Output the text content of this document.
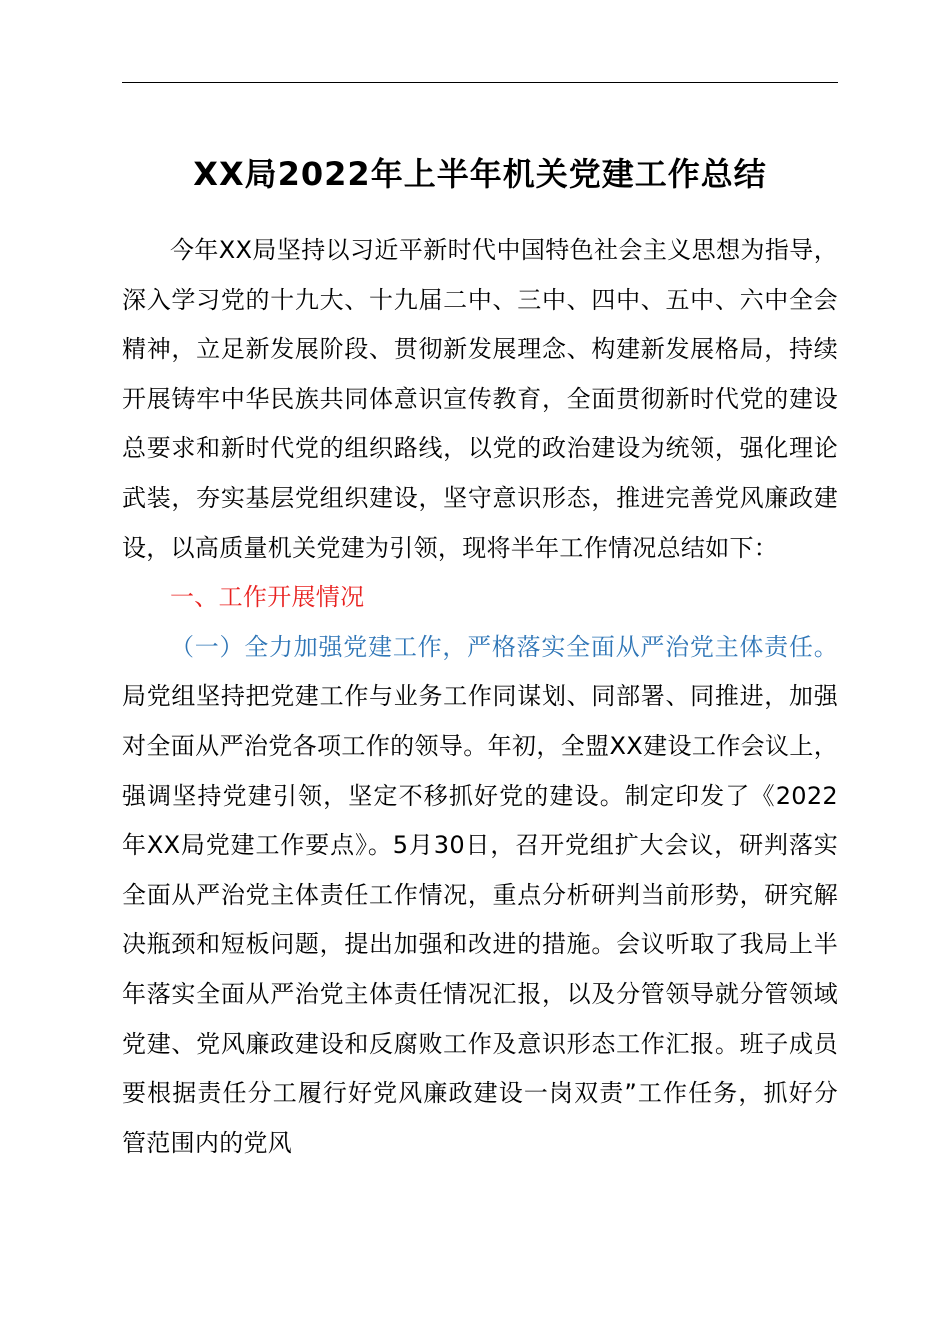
XX局2022年上半年机关党建工作总结

今年XX局坚持以习近平新时代中国特色社会主义思想为指导，深入学习党的十九大、十九届二中、三中、四中、五中、六中全会精神，立足新发展阶段、贯彻新发展理念、构建新发展格局，持续开展铸牢中华民族共同体意识宣传教育，全面贯彻新时代党的建设总要求和新时代党的组织路线，以党的政治建设为统领，强化理论武装，夯实基层党组织建设，坚守意识形态，推进完善党风廉政建设，以高质量机关党建为引领，现将半年工作情况总结如下：

一、工作开展情况

（一）全力加强党建工作，严格落实全面从严治党主体责任。局党组坚持把党建工作与业务工作同谋划、同部署、同推进，加强对全面从严治党各项工作的领导。年初，全盟XX建设工作会议上，强调坚持党建引领，坚定不移抓好党的建设。制定印发了《2022年XX局党建工作要点》。5月30日，召开党组扩大会议，研判落实全面从严治党主体责任工作情况，重点分析研判当前形势，研究解决瓶颈和短板问题，提出加强和改进的措施。会议听取了我局上半年落实全面从严治党主体责任情况汇报，以及分管领导就分管领域党建、党风廉政建设和反腐败工作及意识形态工作汇报。班子成员要根据责任分工履行好党风廉政建设一岗双责”工作任务，抓好分管范围内的党风
